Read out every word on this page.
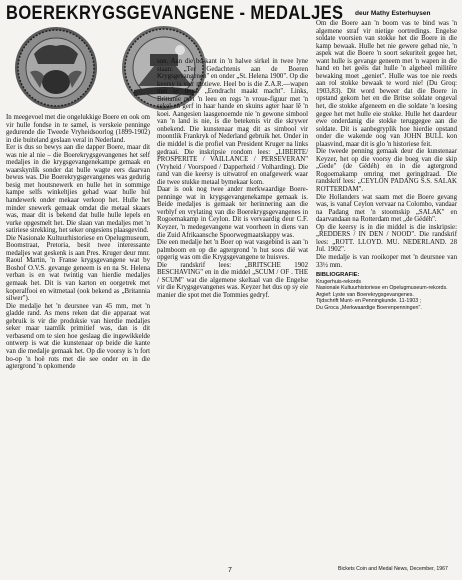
BOEREKRYGSGEVANGENE - MEDALJES deur Mathy Esterhuysen

In meegevoel met die ongelukkige Boere en ook om vir hulle fondse in te samel, is verskeie penninge gedurende die Tweede Vryheidsoorlog (1899-1902) in die buiteland geslaan veral in Nederland.

Eer is dus so bewys aan die dapper Boere, maar dit was nie al nie – die Boerekrygsgevangenes het self medaljes in die krygsgevangenekampe gemaak en waarskynlik sonder dat hulle wagte eers daarvan bewus was. Die Boerekrygsgevangenes was gedurig besig met houtsnewerk en hulle het in sommige kampe selfs winkeltjies gehad waar hulle hul handewerk onder mekaar verkoop het. Hulle het minder snewerk gemaak omdat die metaal skaars was, maar dit is bekend dat hulle hulle lepels en vurke opgesmelt het. Die slaan van medaljes met 'n satiriese strekking, het seker ongesiens plaasgevind.

Die Nasionale Kultuurhistoriese en Opelugmuseum, Boomstraat, Pretoria, besit twee interessante medaljes wat geskenk is aan Pres. Kruger deur mnr. Raoul Martin, 'n Franse krygsgevangene wat by Boshof O.V.S. gevange geneem is en na St. Helena verban is en wat twintig van hierdie medaljes gemaak het. Dit is van karton en oorgetrek met koperalfooi en witmetaal (ook bekend as „Britannia silwer").

Die medalje het 'n deursnee van 45 mm, met 'n gladde rand. As mens reken dat die apparaat wat gebruik is vir die produksie van hierdie medaljes seker maar taamlik primitief was, dan is dit verbasend om te sien hoe geslaag die ingewikkelde ontwerp is wat die kunstenaar op beide die kante van die medalje gemaak het. Op die voorsy is 'n fort bo-op 'n hoë rots met die see onder en in die agtergrond 'n opkomende

son. Aan die bo-kant in 'n halwe sirkel in twee lyne staan: „Ter Gedachtenis aan de Boeren Krygsgevangenen" en onder „St. Helena 1900". Op die keersy is vier motiewe. Heel bo is die Z.A.R.—wapen met sy leuse „Eendracht maakt macht". Links, Brittanie met 'n leeu en regs 'n vroue-figuur met 'n sekel en gerf in haar hande en skuins agter haar lê 'n koei. Aangesien laasgenoemde nie 'n gewone simbool van 'n land is nie, is die betekenis vir die skrywer onbekend. Die kunstenaar mag dit as simbool vir moontlik Frankryk of Nederland gebruik het. Onder in die middel is die profiel van President Kruger na links gedraai. Die inskripsie rondom lees: „LIBERTE/ PROSPERITE / VAILLANCE / PERSEVERAN" (Vryheid / Voorspoed / Dapperheid / Volharding). Die rand van die keersy is uitwatrof en onafgewerk waar die twee stukke metaal bymekaar kom.

Daar is ook nog twee ander merkwaardige Boere-penninge wat in krygsgevangenekampe gemaak is. Beide medaljes is gemaak ter herinnering aan die verblyf en vrylating van die Boerekrygsgevangenes in Rogoemakamp in Ceylon. Dit is vervaardig deur C.F. Keyzer, 'n medegevangene wat voorheen in diens van die Zuid Afrikaansche Spoorwegmaatskappy was.

Die een medalje het 'n Boer op wat vasgebind is aan 'n palmboom en op die agtergrond 'n hut soos dié wat opgerig was om die Krygsgevangene te huisves.

Die randskrif lees: „BRITSCHE 1902 BESCHAVING" en in die middel „SCUM / OF . THE / SCUM" wat die algemene skeltaal van die Engelse vir die Krygsgevangenes was. Keyzer het dus op sy eie manier die spot met die Tommies gedryf.

Om die Boere aan 'n boom vas te bind was 'n algemene straf vir nietige oortredings. Engelse soldate voorsien van stokke het die Boere in die kamp bewaak. Hulle het nie gewere gehad nie, 'n aspek wat die Boere 'n soort sekuriteit gegee het, want hulle is gevange geneem met 'n wapen in die hand en het geëis dat hulle 'n algeheel militêre bewaking moet „geniet". Hulle was toe nie reeds aan rol stokke bewaak te word nie! (Du Groq: 1903,83). Dit word beweer dat die Boere in opstand gekom het en die Britse soldate ongeval het, die stokke afgeneem en die soldate 'n loesing gegee het met hulle eie stokke. Hulle het daardeur ewe onderdanig die stokke teruggegee aan die soldate. Dit is aanbegryplik hoe hierdie opstand onder die wakende oog van JOHN BULL kon plaasvind, maar dit is glo 'n historiese feit.

Die tweede penning gemaak deur die kunstenaar Keyzer, het op die voorsy die boeg van die skip „Gede" (de Gédéh) en in die agtergrond Rogoemakamp omring met geringdraad. Die randskrif lees: „CEYLON PADANG S.S. SALAK ROTTERDAM".

Die Hollanders wat saam met die Boere gevang was, is vanaf Ceylon vervaar na Colombo, vandaar na Padang met 'n stoomskip „SALAK" en daarvandaan na Rotterdam met „de Gédéh".

Op die keersy is in die middel is die inskripsie: „REDDERS / IN DEN / NOOD". Die randskrif lees: „ROTT. LLOYD. MU. NEDERLAND. 28 Jul. 1902".

Die medalje is van rooikoper met 'n deursnee van 33½ mm.

BIBLIOGRAFIE:
Krugerhuis-rekords
Nasionale Kultuurhistoriese en Opelugmuseum-rekords.
Argief: Lyste van Boerekrygsgevangenes.
Tijdschrift Munt- en Penningkunde. 11-1903 ;
Du Groca „Merkwaardige Boerenpenningen".
7	Bickets Coin and Medal News, December, 1967
